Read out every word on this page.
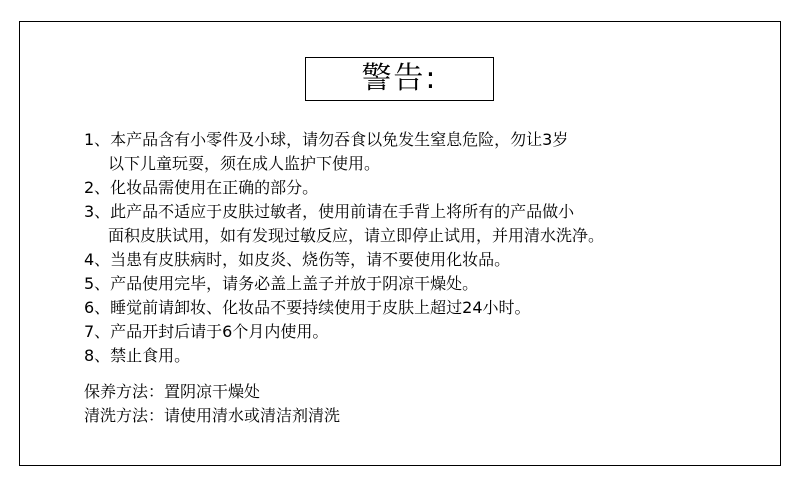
警告:
1、本产品含有小零件及小球，请勿吞食以免发生窒息危险，勿让3岁
以下儿童玩耍，须在成人监护下使用。
2、化妆品需使用在正确的部分。
3、此产品不适应于皮肤过敏者，使用前请在手背上将所有的产品做小
面积皮肤试用，如有发现过敏反应，请立即停止试用，并用清水洗净。
4、当患有皮肤病时，如皮炎、烧伤等，请不要使用化妆品。
5、产品使用完毕，请务必盖上盖子并放于阴凉干燥处。
6、睡觉前请卸妆、化妆品不要持续使用于皮肤上超过24小时。
7、产品开封后请于6个月内使用。
8、禁止食用。
保养方法：置阴凉干燥处
清洗方法：请使用清水或清洁剂清洗
